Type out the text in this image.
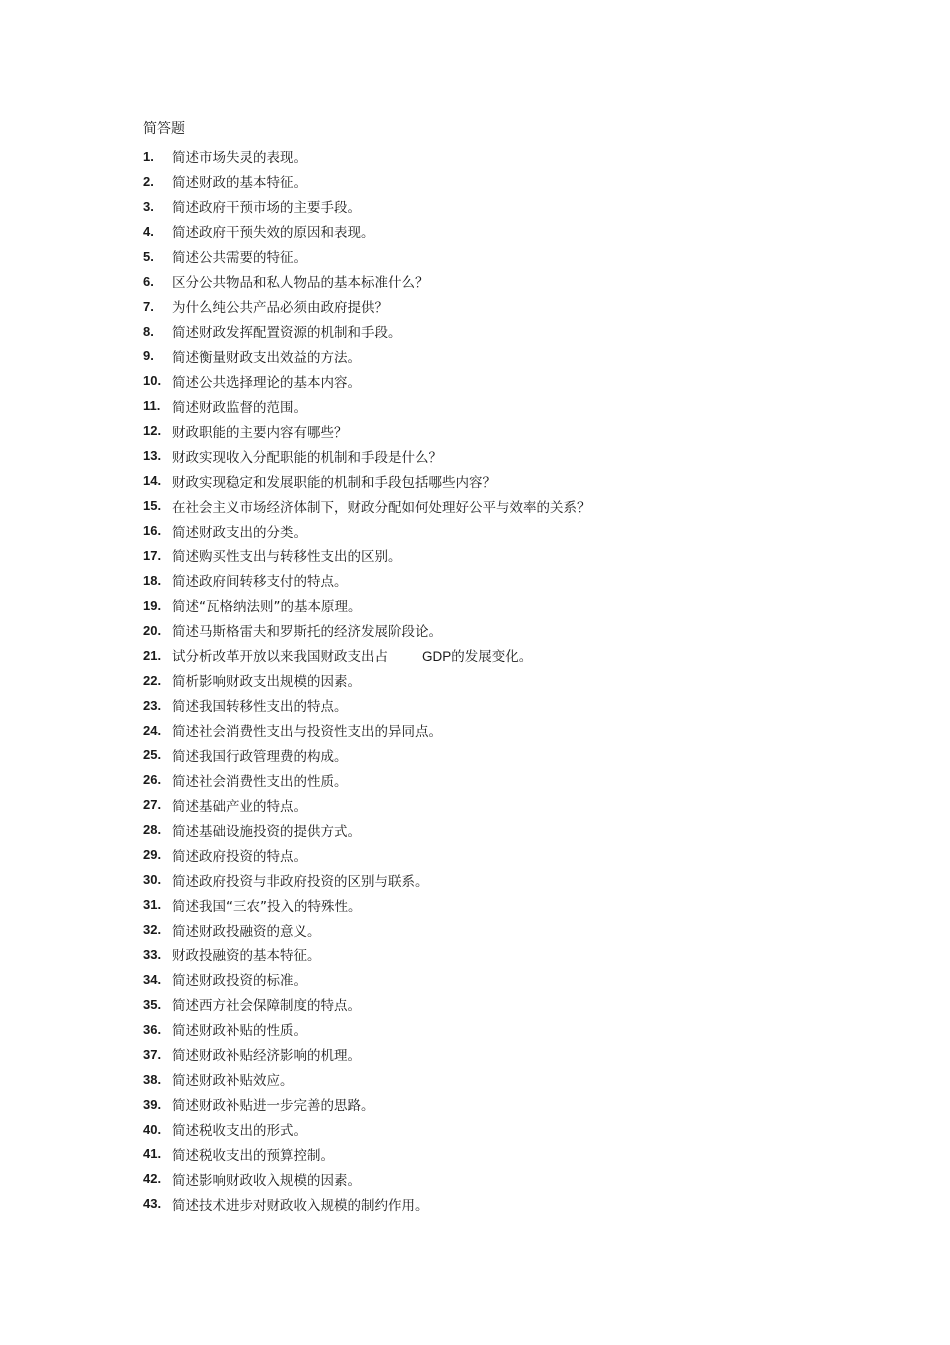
简答题
1.	简述市场失灵的表现。
2.	简述财政的基本特征。
3.	简述政府干预市场的主要手段。
4.	简述政府干预失效的原因和表现。
5.	简述公共需要的特征。
6.	区分公共物品和私人物品的基本标准什么？
7.	为什么纯公共产品必须由政府提供？
8.	简述财政发挥配置资源的机制和手段。
9.	简述衡量财政支出效益的方法。
10. 简述公共选择理论的基本内容。
11. 简述财政监督的范围。
12. 财政职能的主要内容有哪些？
13. 财政实现收入分配职能的机制和手段是什么？
14. 财政实现稳定和发展职能的机制和手段包括哪些内容？
15. 在社会主义市场经济体制下，财政分配如何处理好公平与效率的关系？
16. 简述财政支出的分类。
17. 简述购买性支出与转移性支出的区别。
18. 简述政府间转移支付的特点。
19. 简述“瓦格纳法则”的基本原理。
20. 简述马斯格雷夫和罗斯托的经济发展阶段论。
21. 试分析改革开放以来我国财政支出占	GDP的发展变化。
22. 简析影响财政支出规模的因素。
23. 简述我国转移性支出的特点。
24. 简述社会消费性支出与投资性支出的异同点。
25. 简述我国行政管理费的构成。
26. 简述社会消费性支出的性质。
27. 简述基础产业的特点。
28. 简述基础设施投资的提供方式。
29. 简述政府投资的特点。
30. 简述政府投资与非政府投资的区别与联系。
31. 简述我国“三农”投入的特殊性。
32. 简述财政投融资的意义。
33. 财政投融资的基本特征。
34. 简述财政投资的标准。
35. 简述西方社会保障制度的特点。
36. 简述财政补贴的性质。
37. 简述财政补贴经济影响的机理。
38. 简述财政补贴效应。
39. 简述财政补贴进一步完善的思路。
40. 简述税收支出的形式。
41. 简述税收支出的预算控制。
42. 简述影响财政收入规模的因素。
43. 简述技术进步对财政收入规模的制约作用。
